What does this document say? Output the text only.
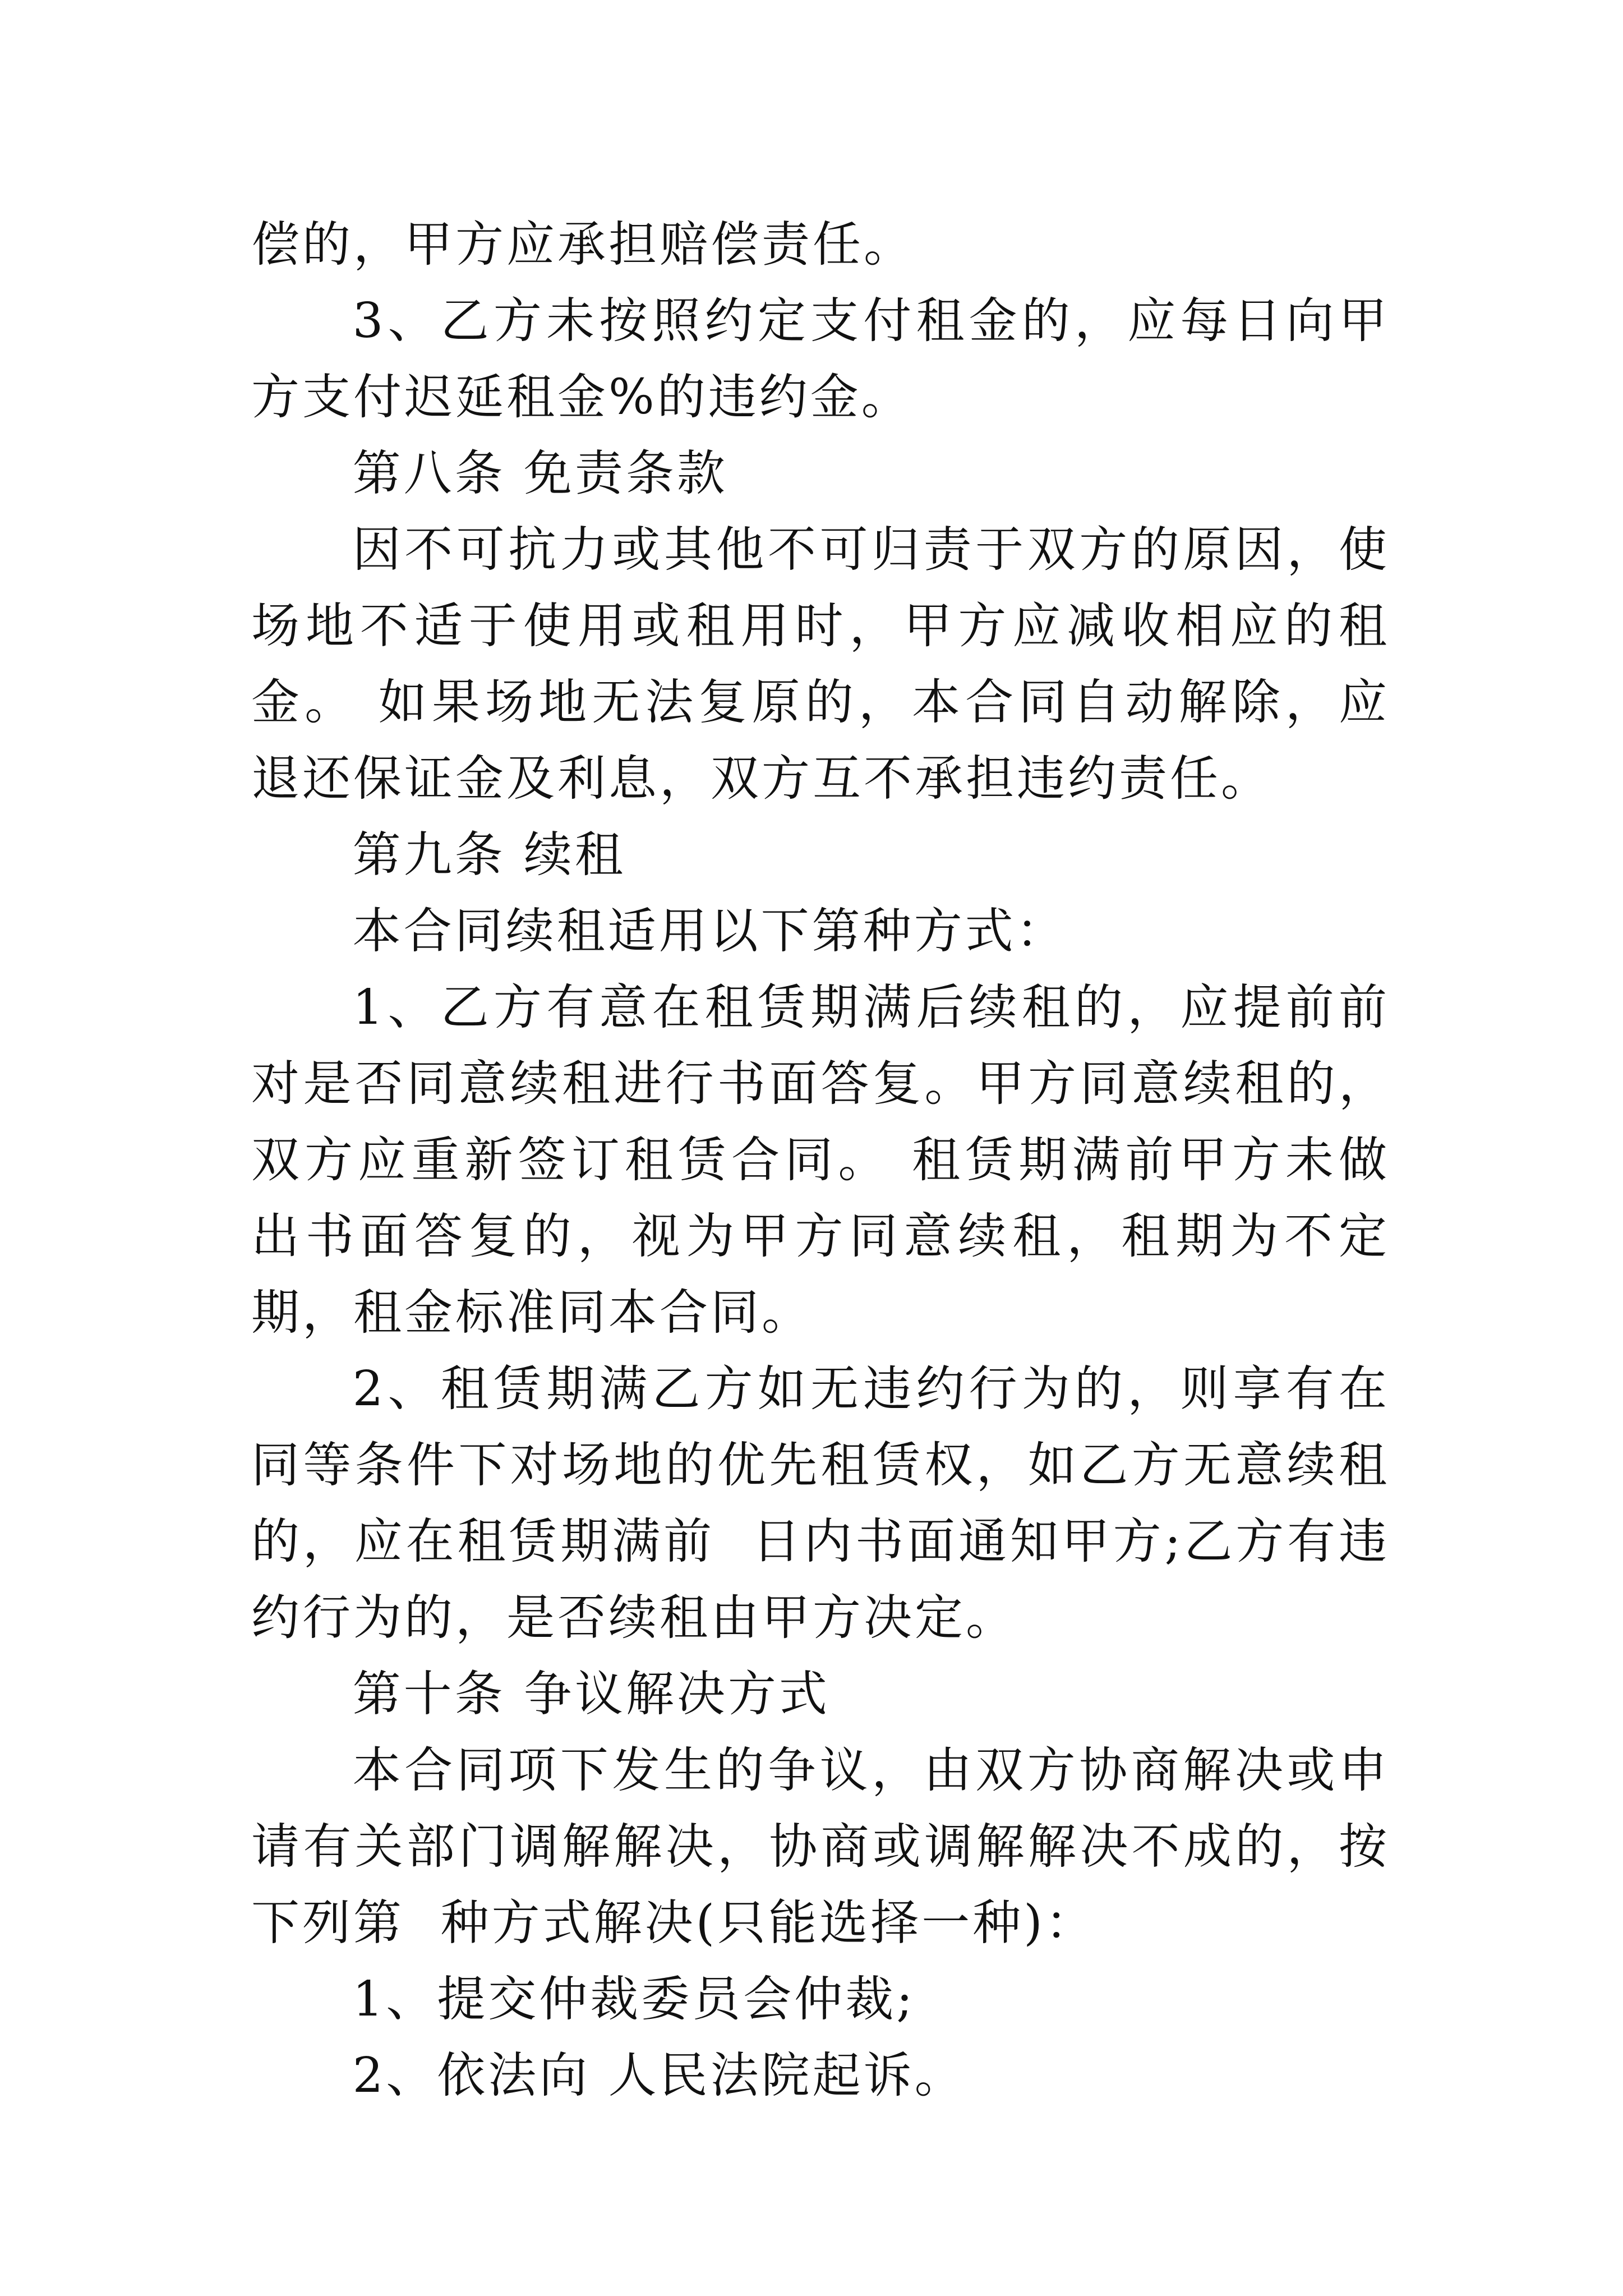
偿的，甲方应承担赔偿责任。

3、乙方未按照约定支付租金的，应每日向甲方支付迟延租金%的违约金。

第八条 免责条款

因不可抗力或其他不可归责于双方的原因，使场地不适于使用或租用时，甲方应减收相应的租金。 如果场地无法复原的，本合同自动解除，应退还保证金及利息，双方互不承担违约责任。

第九条 续租

本合同续租适用以下第种方式：

1、乙方有意在租赁期满后续租的，应提前前对是否同意续租进行书面答复。甲方同意续租的，双方应重新签订租赁合同。 租赁期满前甲方未做出书面答复的，视为甲方同意续租，租期为不定期，租金标准同本合同。

2、租赁期满乙方如无违约行为的，则享有在同等条件下对场地的优先租赁权，如乙方无意续租的，应在租赁期满前  日内书面通知甲方;乙方有违约行为的，是否续租由甲方决定。

第十条 争议解决方式

本合同项下发生的争议，由双方协商解决或申请有关部门调解解决，协商或调解解决不成的，按下列第  种方式解决(只能选择一种)：

1、提交仲裁委员会仲裁;

2、依法向 人民法院起诉。
